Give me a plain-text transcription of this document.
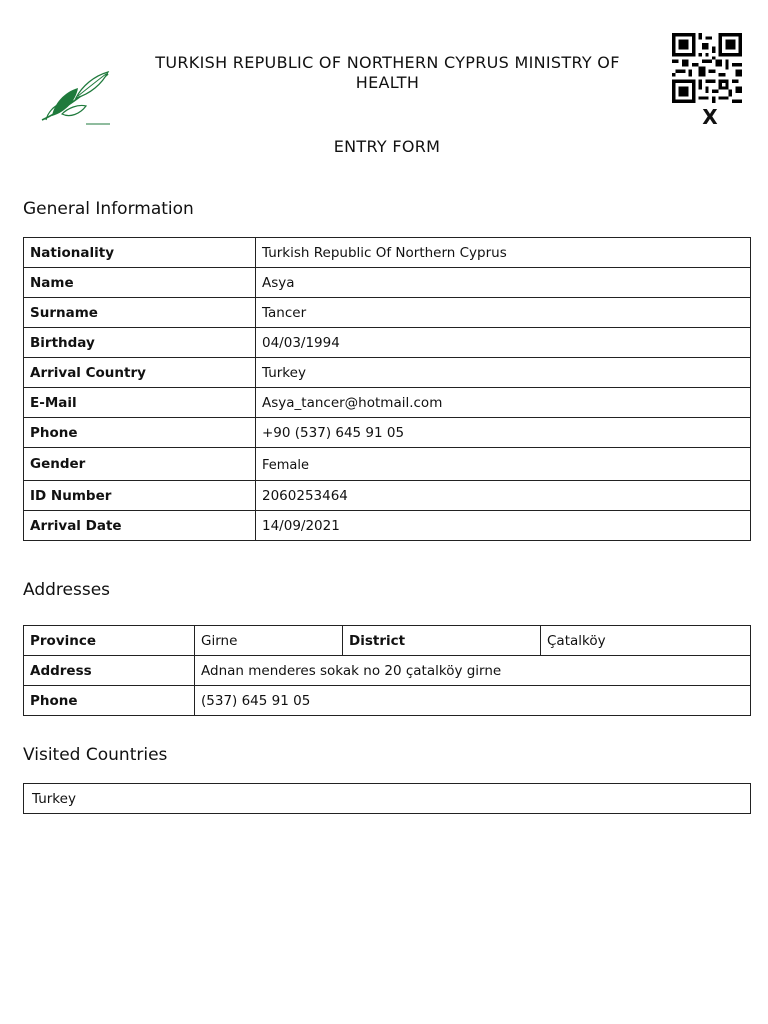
X
TURKISH REPUBLIC OF NORTHERN CYPRUS MINISTRY OF HEALTH
ENTRY FORM
General Information
Nationality	Turkish Republic Of Northern Cyprus
Name	Asya
Surname	Tancer
Birthday	04/03/1994
Arrival Country	Turkey
E-Mail	Asya_tancer@hotmail.com
Phone	+90 (537) 645 91 05
Gender	Female
ID Number	2060253464
Arrival Date	14/09/2021
Addresses
Province	Girne	District	Çatalköy
Address	Adnan menderes sokak no 20 çatalköy girne		
Phone	(537) 645 91 05		
Visited Countries
Turkey
